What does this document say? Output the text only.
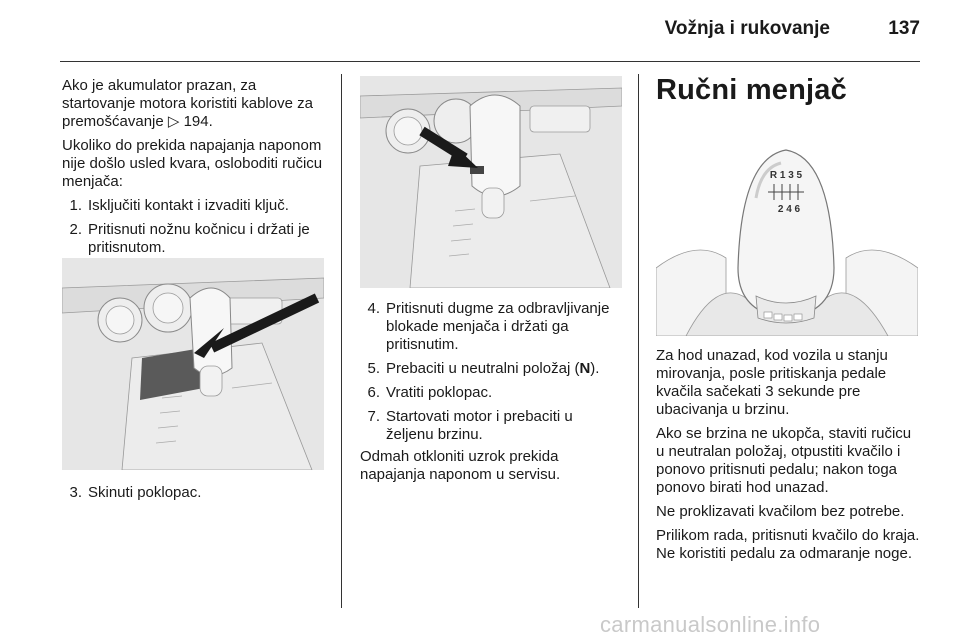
Vožnja i rukovanje	137

Ako je akumulator prazan, za startovanje motora koristiti kablove za premošćavanje ▷ 194.

Ukoliko do prekida napajanja naponom nije došlo usled kvara, osloboditi ručicu menjača:

1. Isključiti kontakt i izvaditi ključ.
2. Pritisnuti nožnu kočnicu i držati je pritisnutom.
3. Skinuti poklopac.
4. Pritisnuti dugme za odbravljivanje blokade menjača i držati ga pritisnutim.
5. Prebaciti u neutralni položaj (N).
6. Vratiti poklopac.
7. Startovati motor i prebaciti u željenu brzinu.

Odmah otkloniti uzrok prekida napajanja naponom u servisu.

Ručni menjač
R 1 3 5
2 4 6

Za hod unazad, kod vozila u stanju mirovanja, posle pritiskanja pedale kvačila sačekati 3 sekunde pre ubacivanja u brzinu.

Ako se brzina ne ukopča, staviti ručicu u neutralan položaj, otpustiti kvačilo i ponovo pritisnuti pedalu; nakon toga ponovo birati hod unazad.

Ne proklizavati kvačilom bez potrebe.

Prilikom rada, pritisnuti kvačilo do kraja. Ne koristiti pedalu za odmaranje noge.

carmanualsonline.info
